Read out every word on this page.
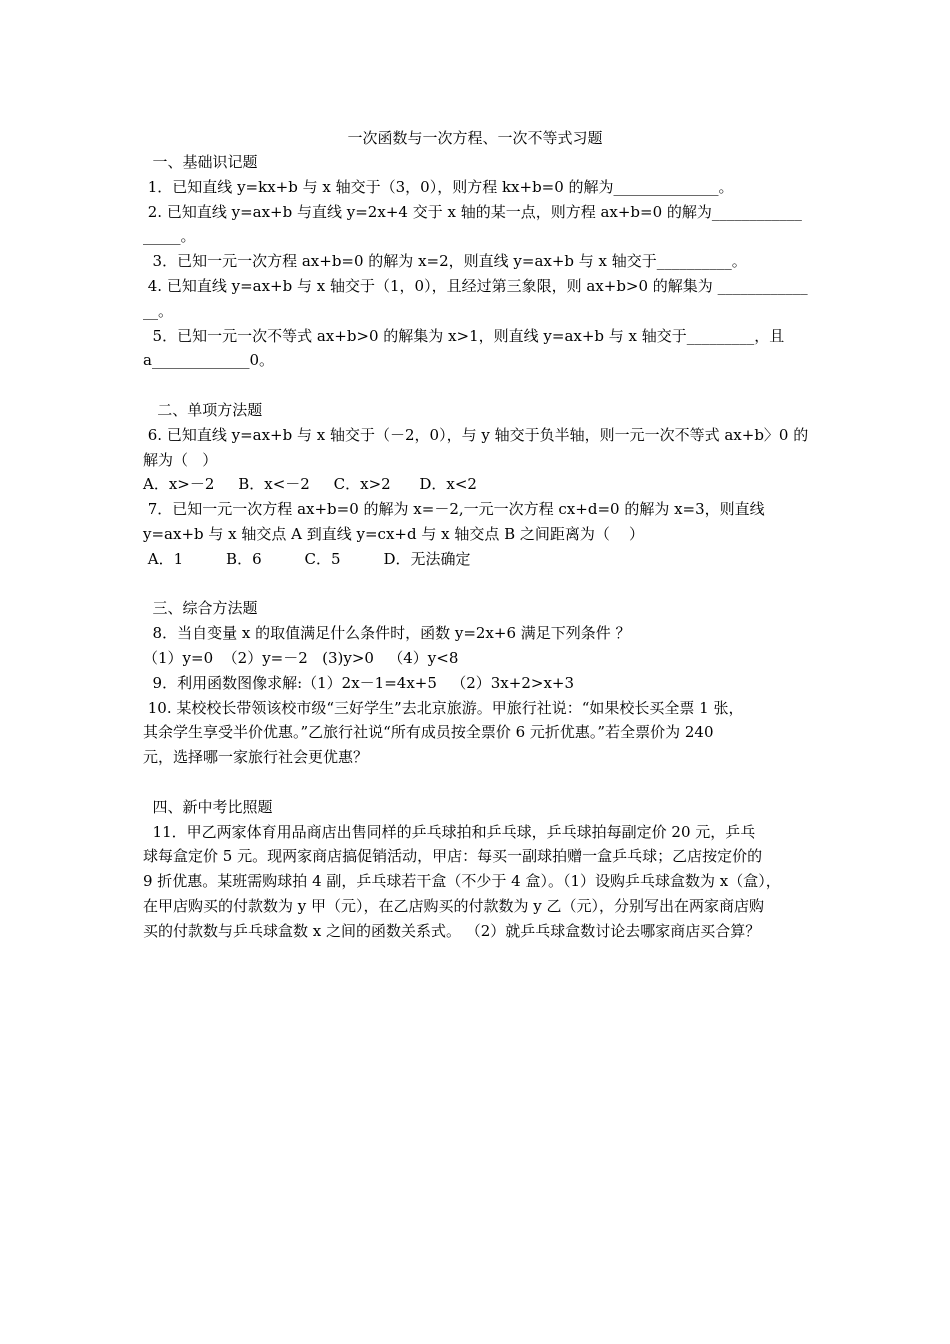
一次函数与一次方程、一次不等式习题
一、基础识记题
1．已知直线 y=kx+b 与 x 轴交于（3，0），则方程 kx+b=0 的解为______________。
2. 已知直线 y=ax+b 与直线 y=2x+4 交于 x 轴的某一点，则方程 ax+b=0 的解为____________
_____。
3．已知一元一次方程 ax+b=0 的解为 x=2，则直线 y=ax+b 与 x 轴交于__________。
4. 已知直线 y=ax+b 与 x 轴交于（1，0），且经过第三象限，则 ax+b>0 的解集为 ____________
__。
5．已知一元一次不等式 ax+b>0 的解集为 x>1，则直线 y=ax+b 与 x 轴交于_________，且
a_____________0。
二、单项方法题
6. 已知直线 y=ax+b 与 x 轴交于（－2，0），与 y 轴交于负半轴，则一元一次不等式 ax+b〉0 的
解为（   ）
A．x>－2     B．x<－2     C．x>2      D．x<2
7．已知一元一次方程 ax+b=0 的解为 x=－2,一元一次方程 cx+d=0 的解为 x=3，则直线
y=ax+b 与 x 轴交点 A 到直线 y=cx+d 与 x 轴交点 B 之间距离为（    ）
A．1         B．6         C．5         D．无法确定
三、综合方法题
8．当自变量 x 的取值满足什么条件时，函数 y=2x+6 满足下列条件 ？
（1）y=0  （2）y=－2   (3)y>0   （4）y<8
9．利用函数图像求解:（1）2x－1=4x+5   （2）3x+2>x+3
10. 某校校长带领该校市级“三好学生”去北京旅游。甲旅行社说：“如果校长买全票 1 张，
其余学生享受半价优惠。”乙旅行社说“所有成员按全票价 6 元折优惠。”若全票价为 240
元，选择哪一家旅行社会更优惠？
四、新中考比照题
11．甲乙两家体育用品商店出售同样的乒乓球拍和乒乓球，乒乓球拍每副定价 20 元，乒乓
球每盒定价 5 元。现两家商店搞促销活动，甲店：每买一副球拍赠一盒乒乓球；乙店按定价的
9 折优惠。某班需购球拍 4 副，乒乓球若干盒（不少于 4 盒）。（1）设购乒乓球盒数为 x（盒），
在甲店购买的付款数为 y 甲（元），在乙店购买的付款数为 y 乙（元），分别写出在两家商店购
买的付款数与乒乓球盒数 x 之间的函数关系式。 （2）就乒乓球盒数讨论去哪家商店买合算？
